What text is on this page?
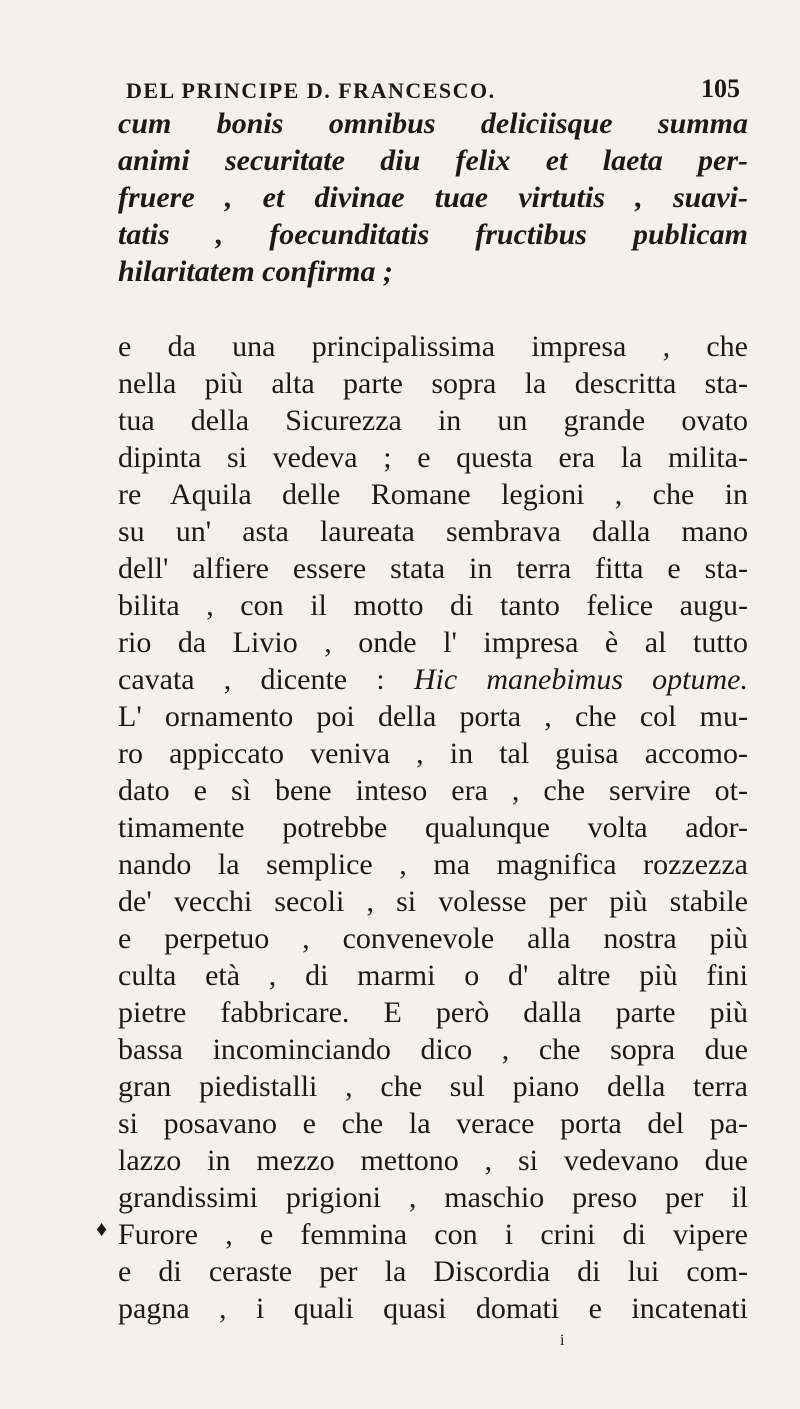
DEL PRINCIPE D. FRANCESCO.	105
cum bonis omnibus deliciisque summa
animi securitate diu felix et laeta per-
fruere , et divinae tuae virtutis , suavi-
tatis , foecunditatis fructibus publicam
hilaritatem confirma ;
e da una principalissima impresa , che
nella più alta parte sopra la descritta sta-
tua della Sicurezza in un grande ovato
dipinta si vedeva ; e questa era la milita-
re Aquila delle Romane legioni , che in
su un' asta laureata sembrava dalla mano
dell' alfiere essere stata in terra fitta e sta-
bilita , con il motto di tanto felice augu-
rio da Livio , onde l' impresa è al tutto
cavata , dicente : Hic manebimus optume.
L' ornamento poi della porta , che col mu-
ro appiccato veniva , in tal guisa accomo-
dato e sì bene inteso era , che servire ot-
timamente potrebbe qualunque volta ador-
nando la semplice , ma magnifica rozzezza
de' vecchi secoli , si volesse per più stabile
e perpetuo , convenevole alla nostra più
culta età , di marmi o d' altre più fini
pietre fabbricare. E però dalla parte più
bassa incominciando dico , che sopra due
gran piedistalli , che sul piano della terra
si posavano e che la verace porta del pa-
lazzo in mezzo mettono , si vedevano due
grandissimi prigioni , maschio preso per il
Furore , e femmina con i crini di vipere
e di ceraste per la Discordia di lui com-
pagna , i quali quasi domati e incatenati
♦
i
